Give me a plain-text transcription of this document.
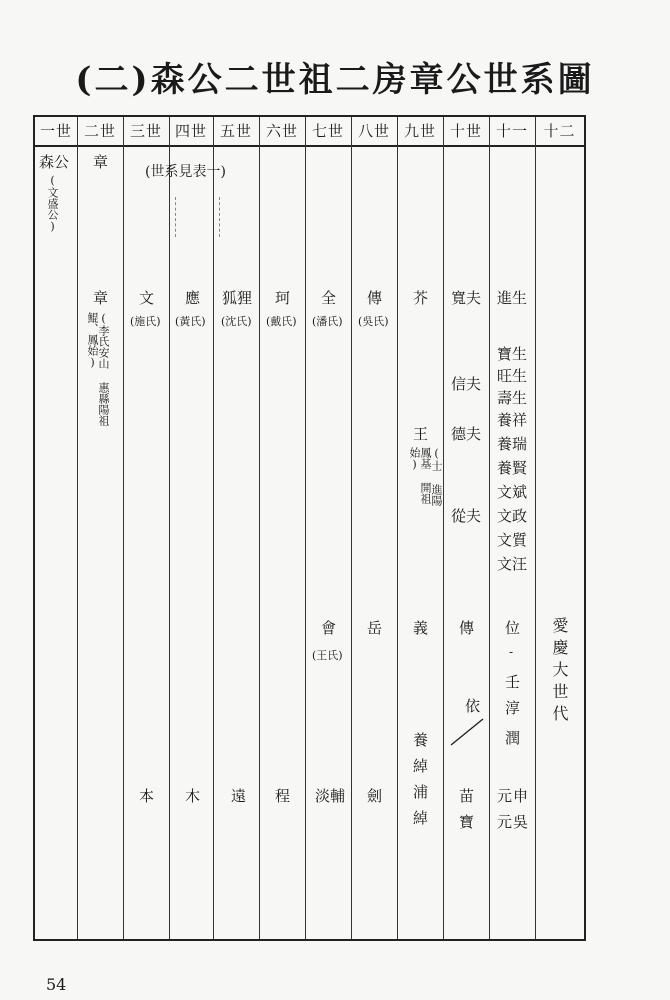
(二)森公二世祖二房章公世系圖
一世 二世 三世 四世 五世 六世 七世 八世 九世 十世 十一	十二
森公
(文盛公)
章
(世系見表一)
章
(李氏安山 惠縣陽祖 鯤、鳳始)
文
(施氏)
應
(黃氏)
狐狸
(沈氏)
珂
(戴氏)
全
(潘氏)
傳
(吳氏)
芥 寬夫 進生
寶生
旺生
信夫
壽生
養祥
王
(士 進陽 鳳基 開祖 始)
德夫
養瑞
養賢
從夫
文斌
文政
文質
文汪
會
(王氏)
岳 義 傳 位 愛慶大世代
-
壬
淳
潤
依
養
綽
浦
綽
本 木 遠 程 淡輔 劍	苗
寶
元 申
元 吳
54
